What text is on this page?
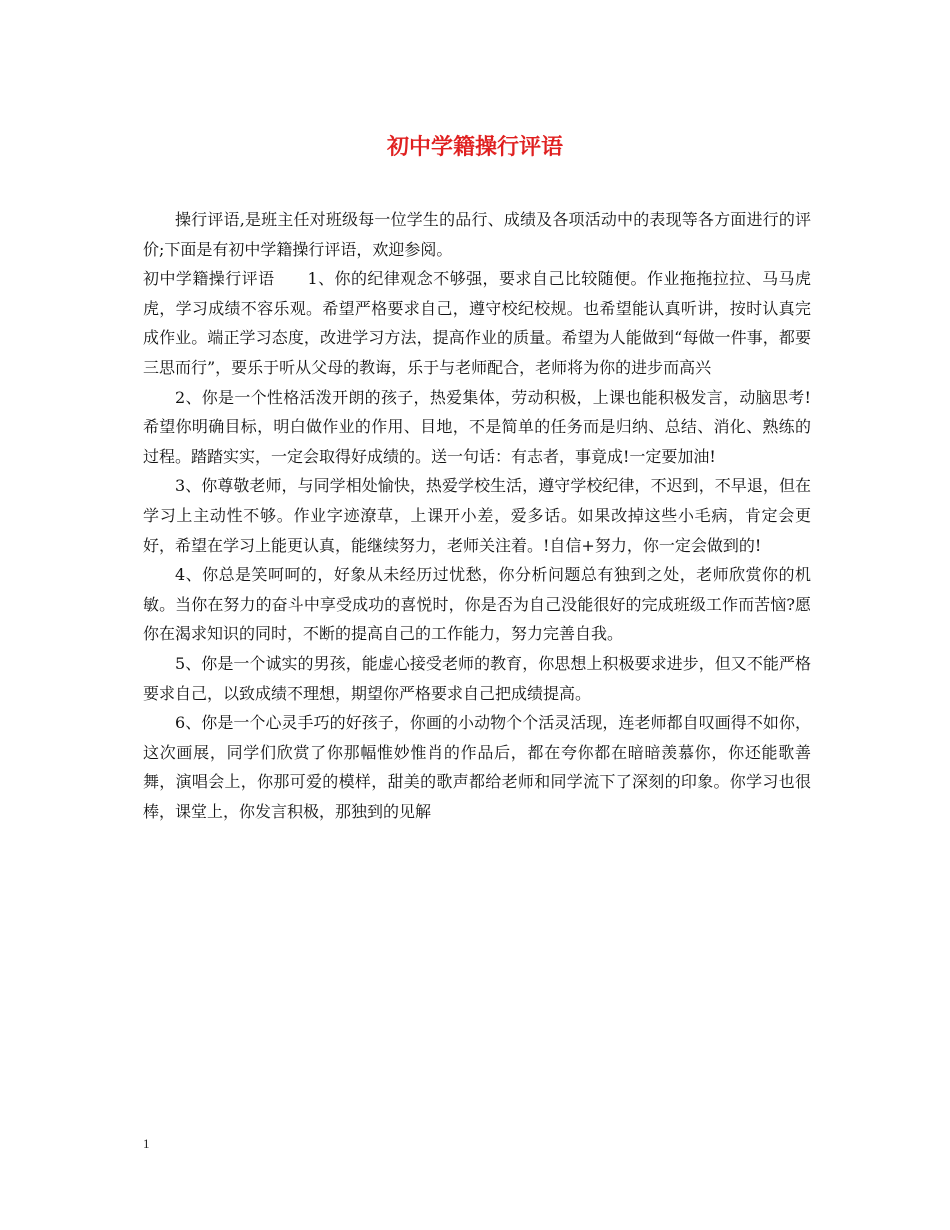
初中学籍操行评语

操行评语,是班主任对班级每一位学生的品行、成绩及各项活动中的表现等各方面进行的评价;下面是有初中学籍操行评语，欢迎参阅。

初中学籍操行评语　　1、你的纪律观念不够强，要求自己比较随便。作业拖拖拉拉、马马虎虎，学习成绩不容乐观。希望严格要求自己，遵守校纪校规。也希望能认真听讲，按时认真完成作业。端正学习态度，改进学习方法，提高作业的质量。希望为人能做到“每做一件事，都要三思而行”，要乐于听从父母的教诲，乐于与老师配合，老师将为你的进步而高兴

2、你是一个性格活泼开朗的孩子，热爱集体，劳动积极，上课也能积极发言，动脑思考!希望你明确目标，明白做作业的作用、目地，不是简单的任务而是归纳、总结、消化、熟练的过程。踏踏实实，一定会取得好成绩的。送一句话：有志者，事竟成!一定要加油!

3、你尊敬老师，与同学相处愉快，热爱学校生活，遵守学校纪律，不迟到，不早退，但在学习上主动性不够。作业字迹潦草，上课开小差，爱多话。如果改掉这些小毛病，肯定会更好，希望在学习上能更认真，能继续努力，老师关注着。!自信+努力，你一定会做到的!

4、你总是笑呵呵的，好象从未经历过忧愁，你分析问题总有独到之处，老师欣赏你的机敏。当你在努力的奋斗中享受成功的喜悦时，你是否为自己没能很好的完成班级工作而苦恼?愿你在渴求知识的同时，不断的提高自己的工作能力，努力完善自我。

5、你是一个诚实的男孩，能虚心接受老师的教育，你思想上积极要求进步，但又不能严格要求自己，以致成绩不理想，期望你严格要求自己把成绩提高。

6、你是一个心灵手巧的好孩子，你画的小动物个个活灵活现，连老师都自叹画得不如你，这次画展，同学们欣赏了你那幅惟妙惟肖的作品后，都在夸你都在暗暗羡慕你，你还能歌善舞，演唱会上，你那可爱的模样，甜美的歌声都给老师和同学流下了深刻的印象。你学习也很棒，课堂上，你发言积极，那独到的见解

1
